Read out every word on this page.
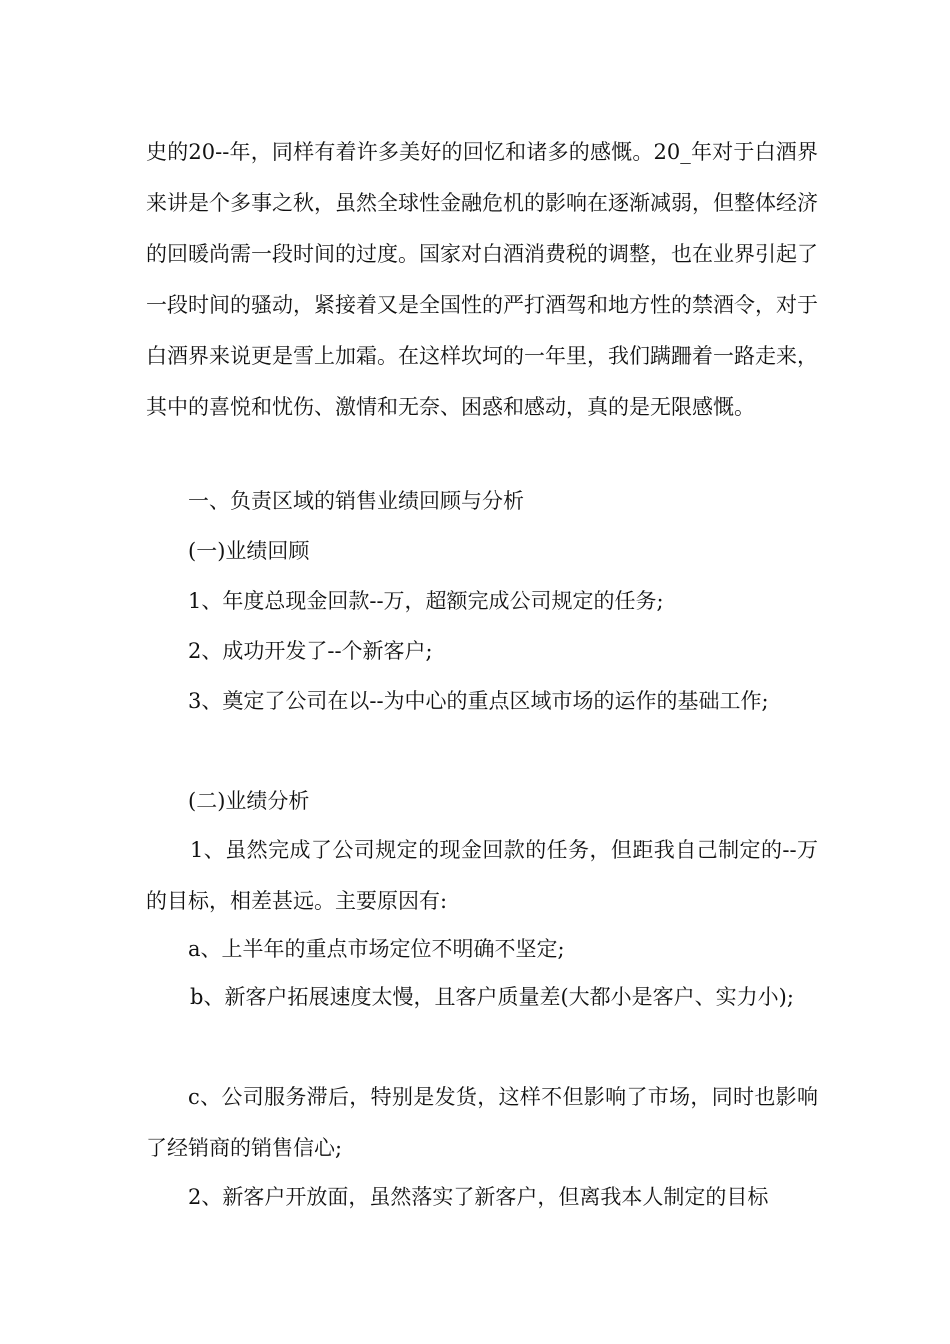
史的20--年，同样有着许多美好的回忆和诸多的感慨。20_年对于白酒界来讲是个多事之秋，虽然全球性金融危机的影响在逐渐减弱，但整体经济的回暖尚需一段时间的过度。国家对白酒消费税的调整，也在业界引起了一段时间的骚动，紧接着又是全国性的严打酒驾和地方性的禁酒令，对于白酒界来说更是雪上加霜。在这样坎坷的一年里，我们蹒跚着一路走来，其中的喜悦和忧伤、激情和无奈、困惑和感动，真的是无限感慨。

一、负责区域的销售业绩回顾与分析

(一)业绩回顾

1、年度总现金回款--万，超额完成公司规定的任务;

2、成功开发了--个新客户;

3、奠定了公司在以--为中心的重点区域市场的运作的基础工作;

(二)业绩分析

1、虽然完成了公司规定的现金回款的任务，但距我自己制定的--万的目标，相差甚远。主要原因有:

a、上半年的重点市场定位不明确不坚定;

b、新客户拓展速度太慢，且客户质量差(大都小是客户、实力小);

c、公司服务滞后，特别是发货，这样不但影响了市场，同时也影响了经销商的销售信心;

2、新客户开放面，虽然落实了新客户，但离我本人制定的目标
